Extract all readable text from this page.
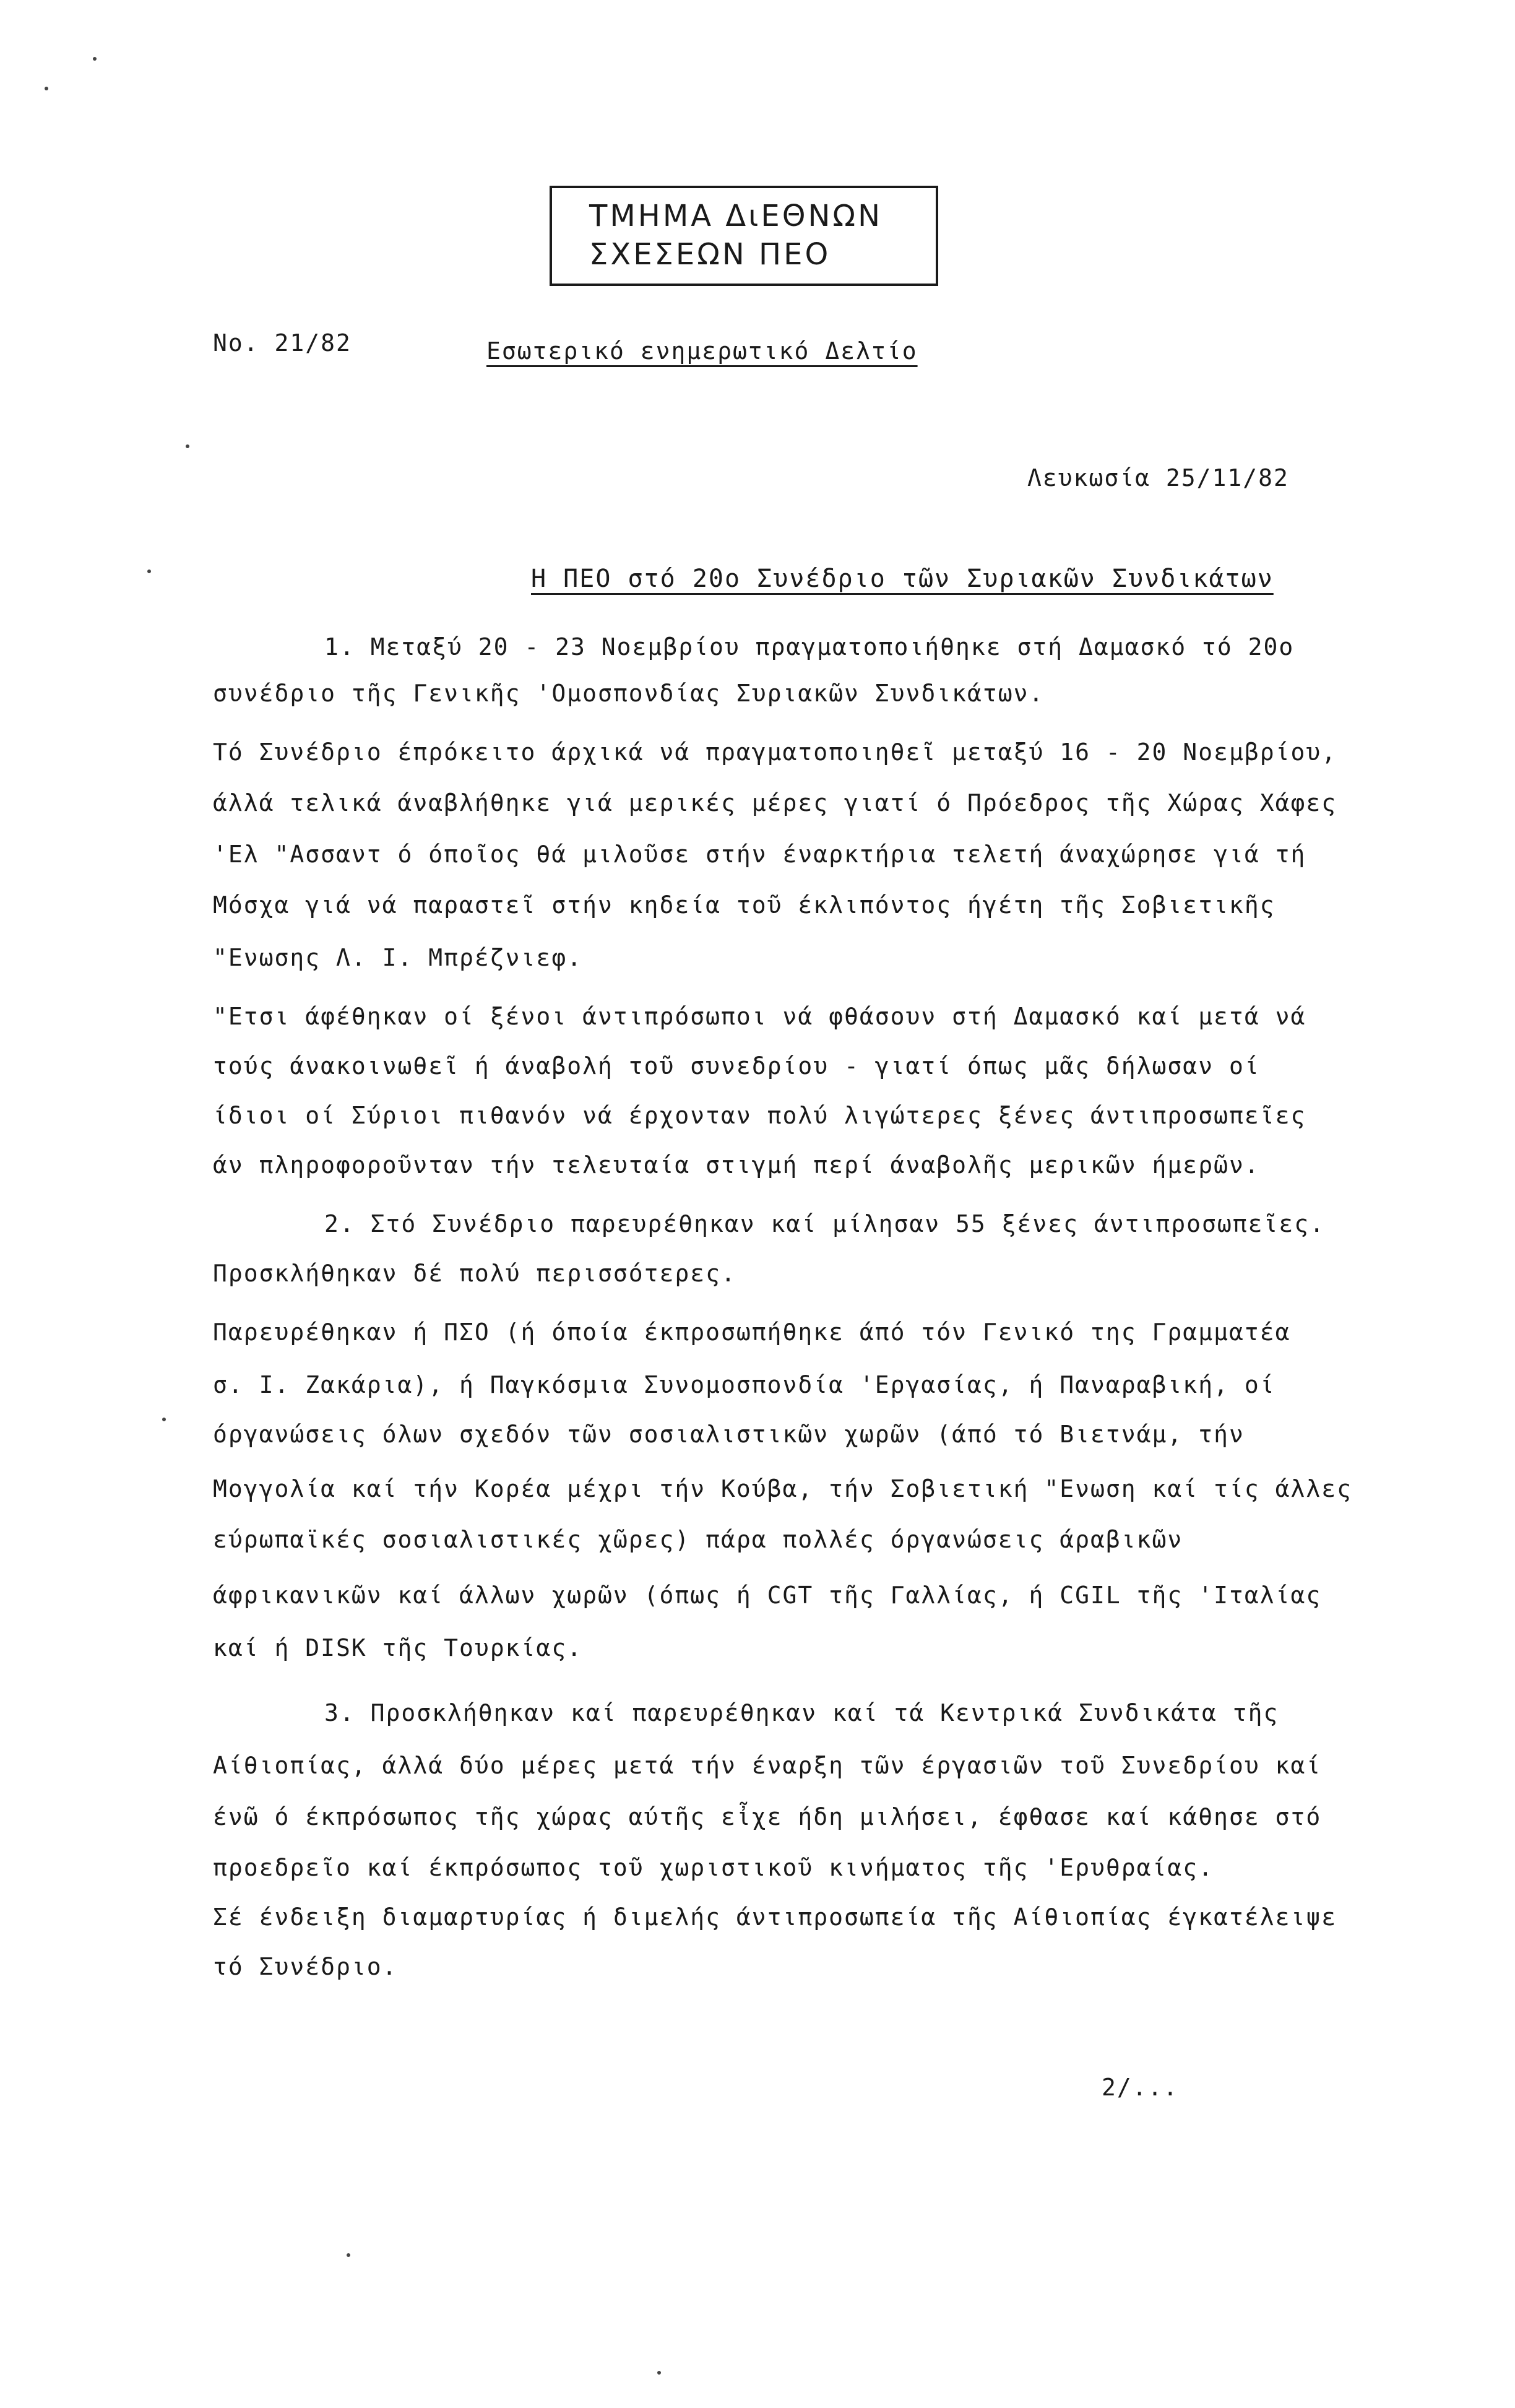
ΤΜΗΜΑ ΔιΕΘΝΩΝ
ΣΧΕΣΕΩΝ ΠΕΟ
No. 21/82	Εσωτερικό ενημερωτικό Δελτίο
Λευκωσία 25/11/82
Η ΠΕΟ στό 20ο Συνέδριο τῶν Συριακῶν Συνδικάτων
1. Μεταξύ 20 - 23 Νοεμβρίου πραγματοποιήθηκε στή Δαμασκό τό 20ο
συνέδριο τῆς Γενικῆς 'Ομοσπονδίας Συριακῶν Συνδικάτων.
Τό Συνέδριο έπρόκειτο άρχικά νά πραγματοποιηθεῖ μεταξύ 16 - 20 Νοεμβρίου,
άλλά τελικά άναβλήθηκε γιά μερικές μέρες γιατί ό Πρόεδρος τῆς Χώρας Χάφες
'Ελ "Ασσαντ ό όποῖος θά μιλοῦσε στήν έναρκτήρια τελετή άναχώρησε γιά τή
Μόσχα γιά νά παραστεῖ στήν κηδεία τοῦ έκλιπόντος ήγέτη τῆς Σοβιετικῆς
"Ενωσης Λ. Ι. Μπρέζνιεφ.
"Ετσι άφέθηκαν οί ξένοι άντιπρόσωποι νά φθάσουν στή Δαμασκό καί μετά νά
τούς άνακοινωθεῖ ή άναβολή τοῦ συνεδρίου - γιατί όπως μᾶς δήλωσαν οί
ίδιοι οί Σύριοι πιθανόν νά έρχονταν πολύ λιγώτερες ξένες άντιπροσωπεῖες
άν πληροφοροῦνταν τήν τελευταία στιγμή περί άναβολῆς μερικῶν ήμερῶν.
2. Στό Συνέδριο παρευρέθηκαν καί μίλησαν 55 ξένες άντιπροσωπεῖες.
Προσκλήθηκαν δέ πολύ περισσότερες.
Παρευρέθηκαν ή ΠΣΟ (ή όποία έκπροσωπήθηκε άπό τόν Γενικό της Γραμματέα
σ. Ι. Ζακάρια), ή Παγκόσμια Συνομοσπονδία 'Εργασίας, ή Παναραβική, οί
όργανώσεις όλων σχεδόν τῶν σοσιαλιστικῶν χωρῶν (άπό τό Βιετνάμ, τήν
Μογγολία καί τήν Κορέα μέχρι τήν Κούβα, τήν Σοβιετική "Ενωση καί τίς άλλες
εύρωπαϊκές σοσιαλιστικές χῶρες) πάρα πολλές όργανώσεις άραβικῶν
άφρικανικῶν καί άλλων χωρῶν (όπως ή CGT τῆς Γαλλίας, ή CGIL τῆς 'Ιταλίας
καί ή DISK τῆς Τουρκίας.
3. Προσκλήθηκαν καί παρευρέθηκαν καί τά Κεντρικά Συνδικάτα τῆς
Αίθιοπίας, άλλά δύο μέρες μετά τήν έναρξη τῶν έργασιῶν τοῦ Συνεδρίου καί
ένῶ ό έκπρόσωπος τῆς χώρας αύτῆς εἶχε ήδη μιλήσει, έφθασε καί κάθησε στό
προεδρεῖο καί έκπρόσωπος τοῦ χωριστικοῦ κινήματος τῆς 'Ερυθραίας.
Σέ ένδειξη διαμαρτυρίας ή διμελής άντιπροσωπεία τῆς Αίθιοπίας έγκατέλειψε
τό Συνέδριο.
2/...
